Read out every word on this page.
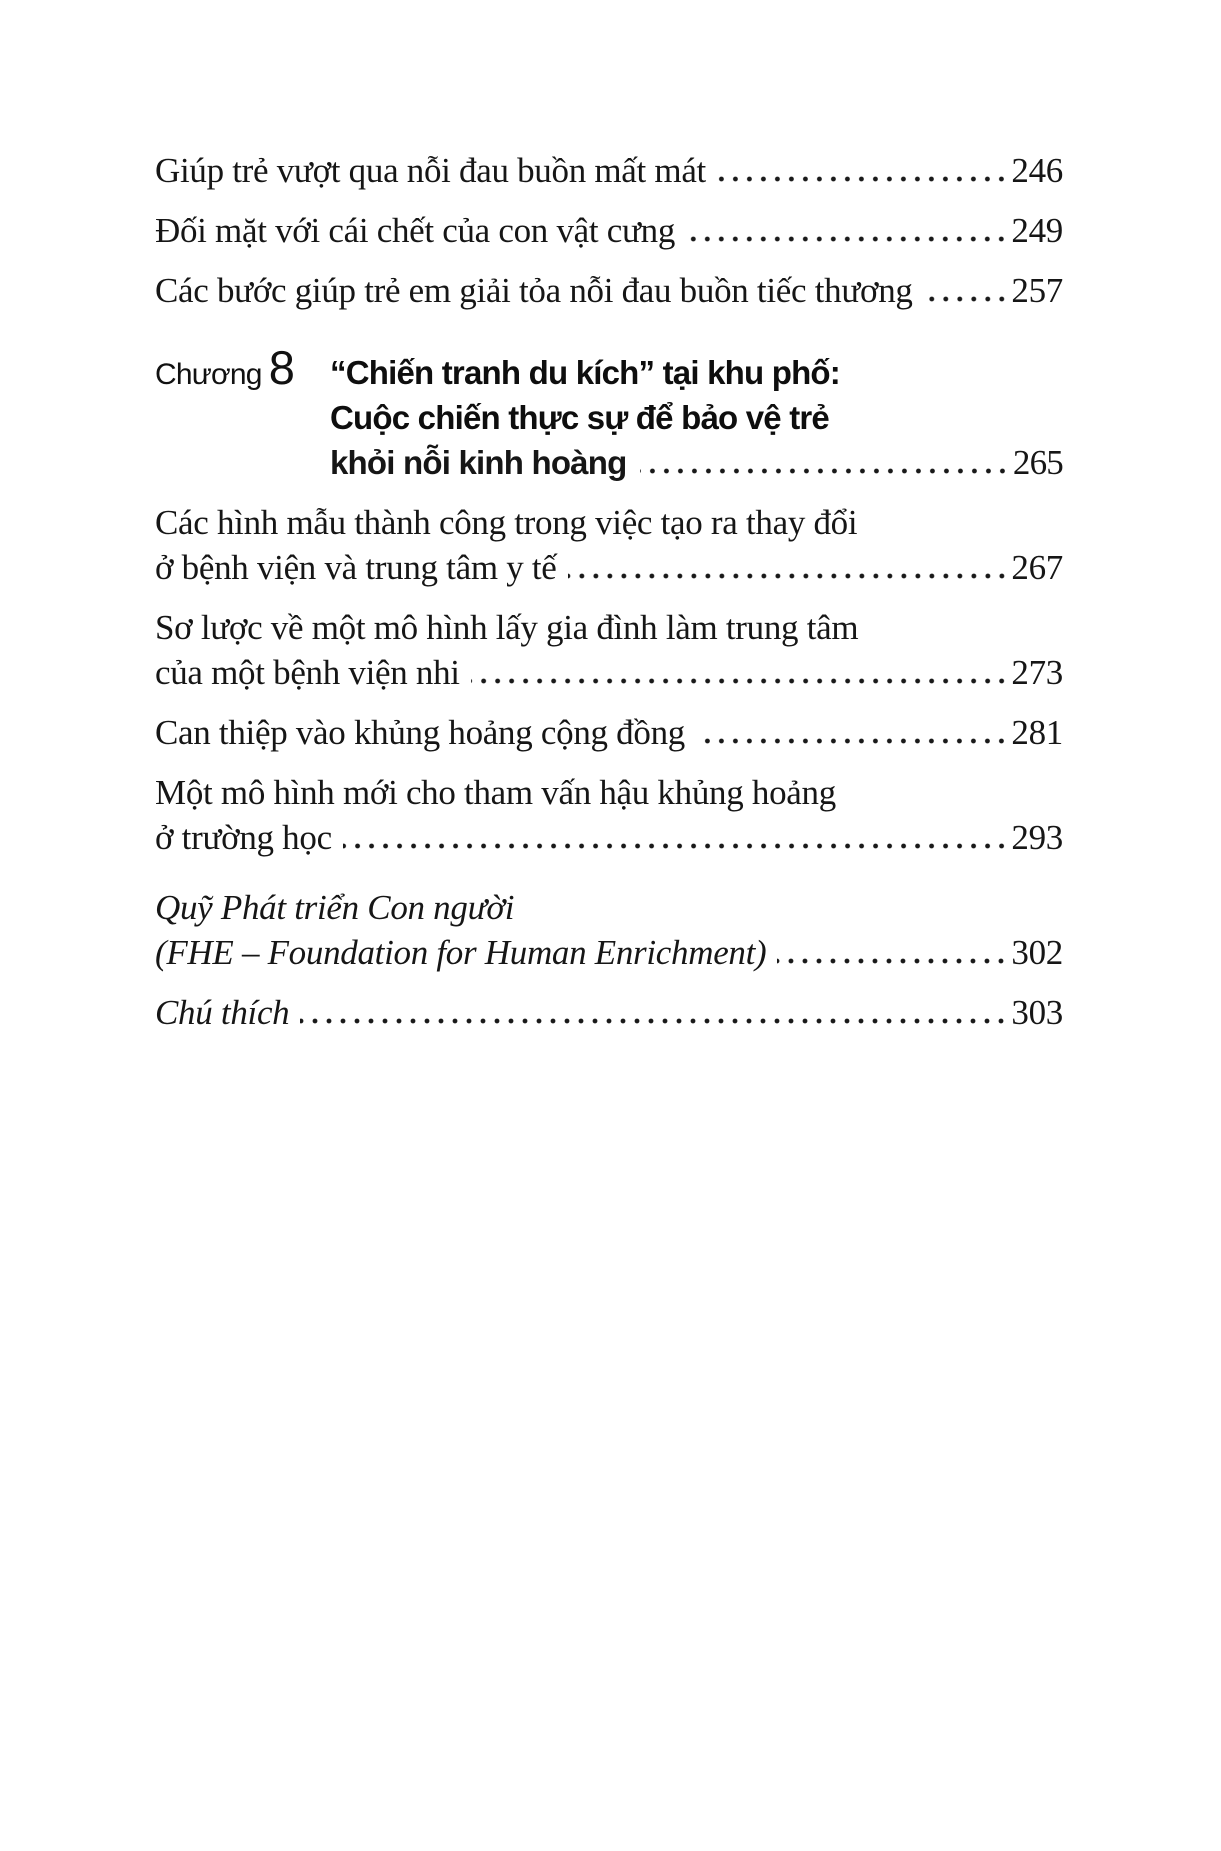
Giúp trẻ vượt qua nỗi đau buồn mất mát	246
Đối mặt với cái chết của con vật cưng	249
Các bước giúp trẻ em giải tỏa nỗi đau buồn tiếc thương	257
Chương 8	“Chiến tranh du kích” tại khu phố:
Cuộc chiến thực sự để bảo vệ trẻ
khỏi nỗi kinh hoàng	265
Các hình mẫu thành công trong việc tạo ra thay đổi
ở bệnh viện và trung tâm y tế	267
Sơ lược về một mô hình lấy gia đình làm trung tâm
của một bệnh viện nhi	273
Can thiệp vào khủng hoảng cộng đồng	281
Một mô hình mới cho tham vấn hậu khủng hoảng
ở trường học	293
Quỹ Phát triển Con người
(FHE – Foundation for Human Enrichment)	302
Chú thích	303
